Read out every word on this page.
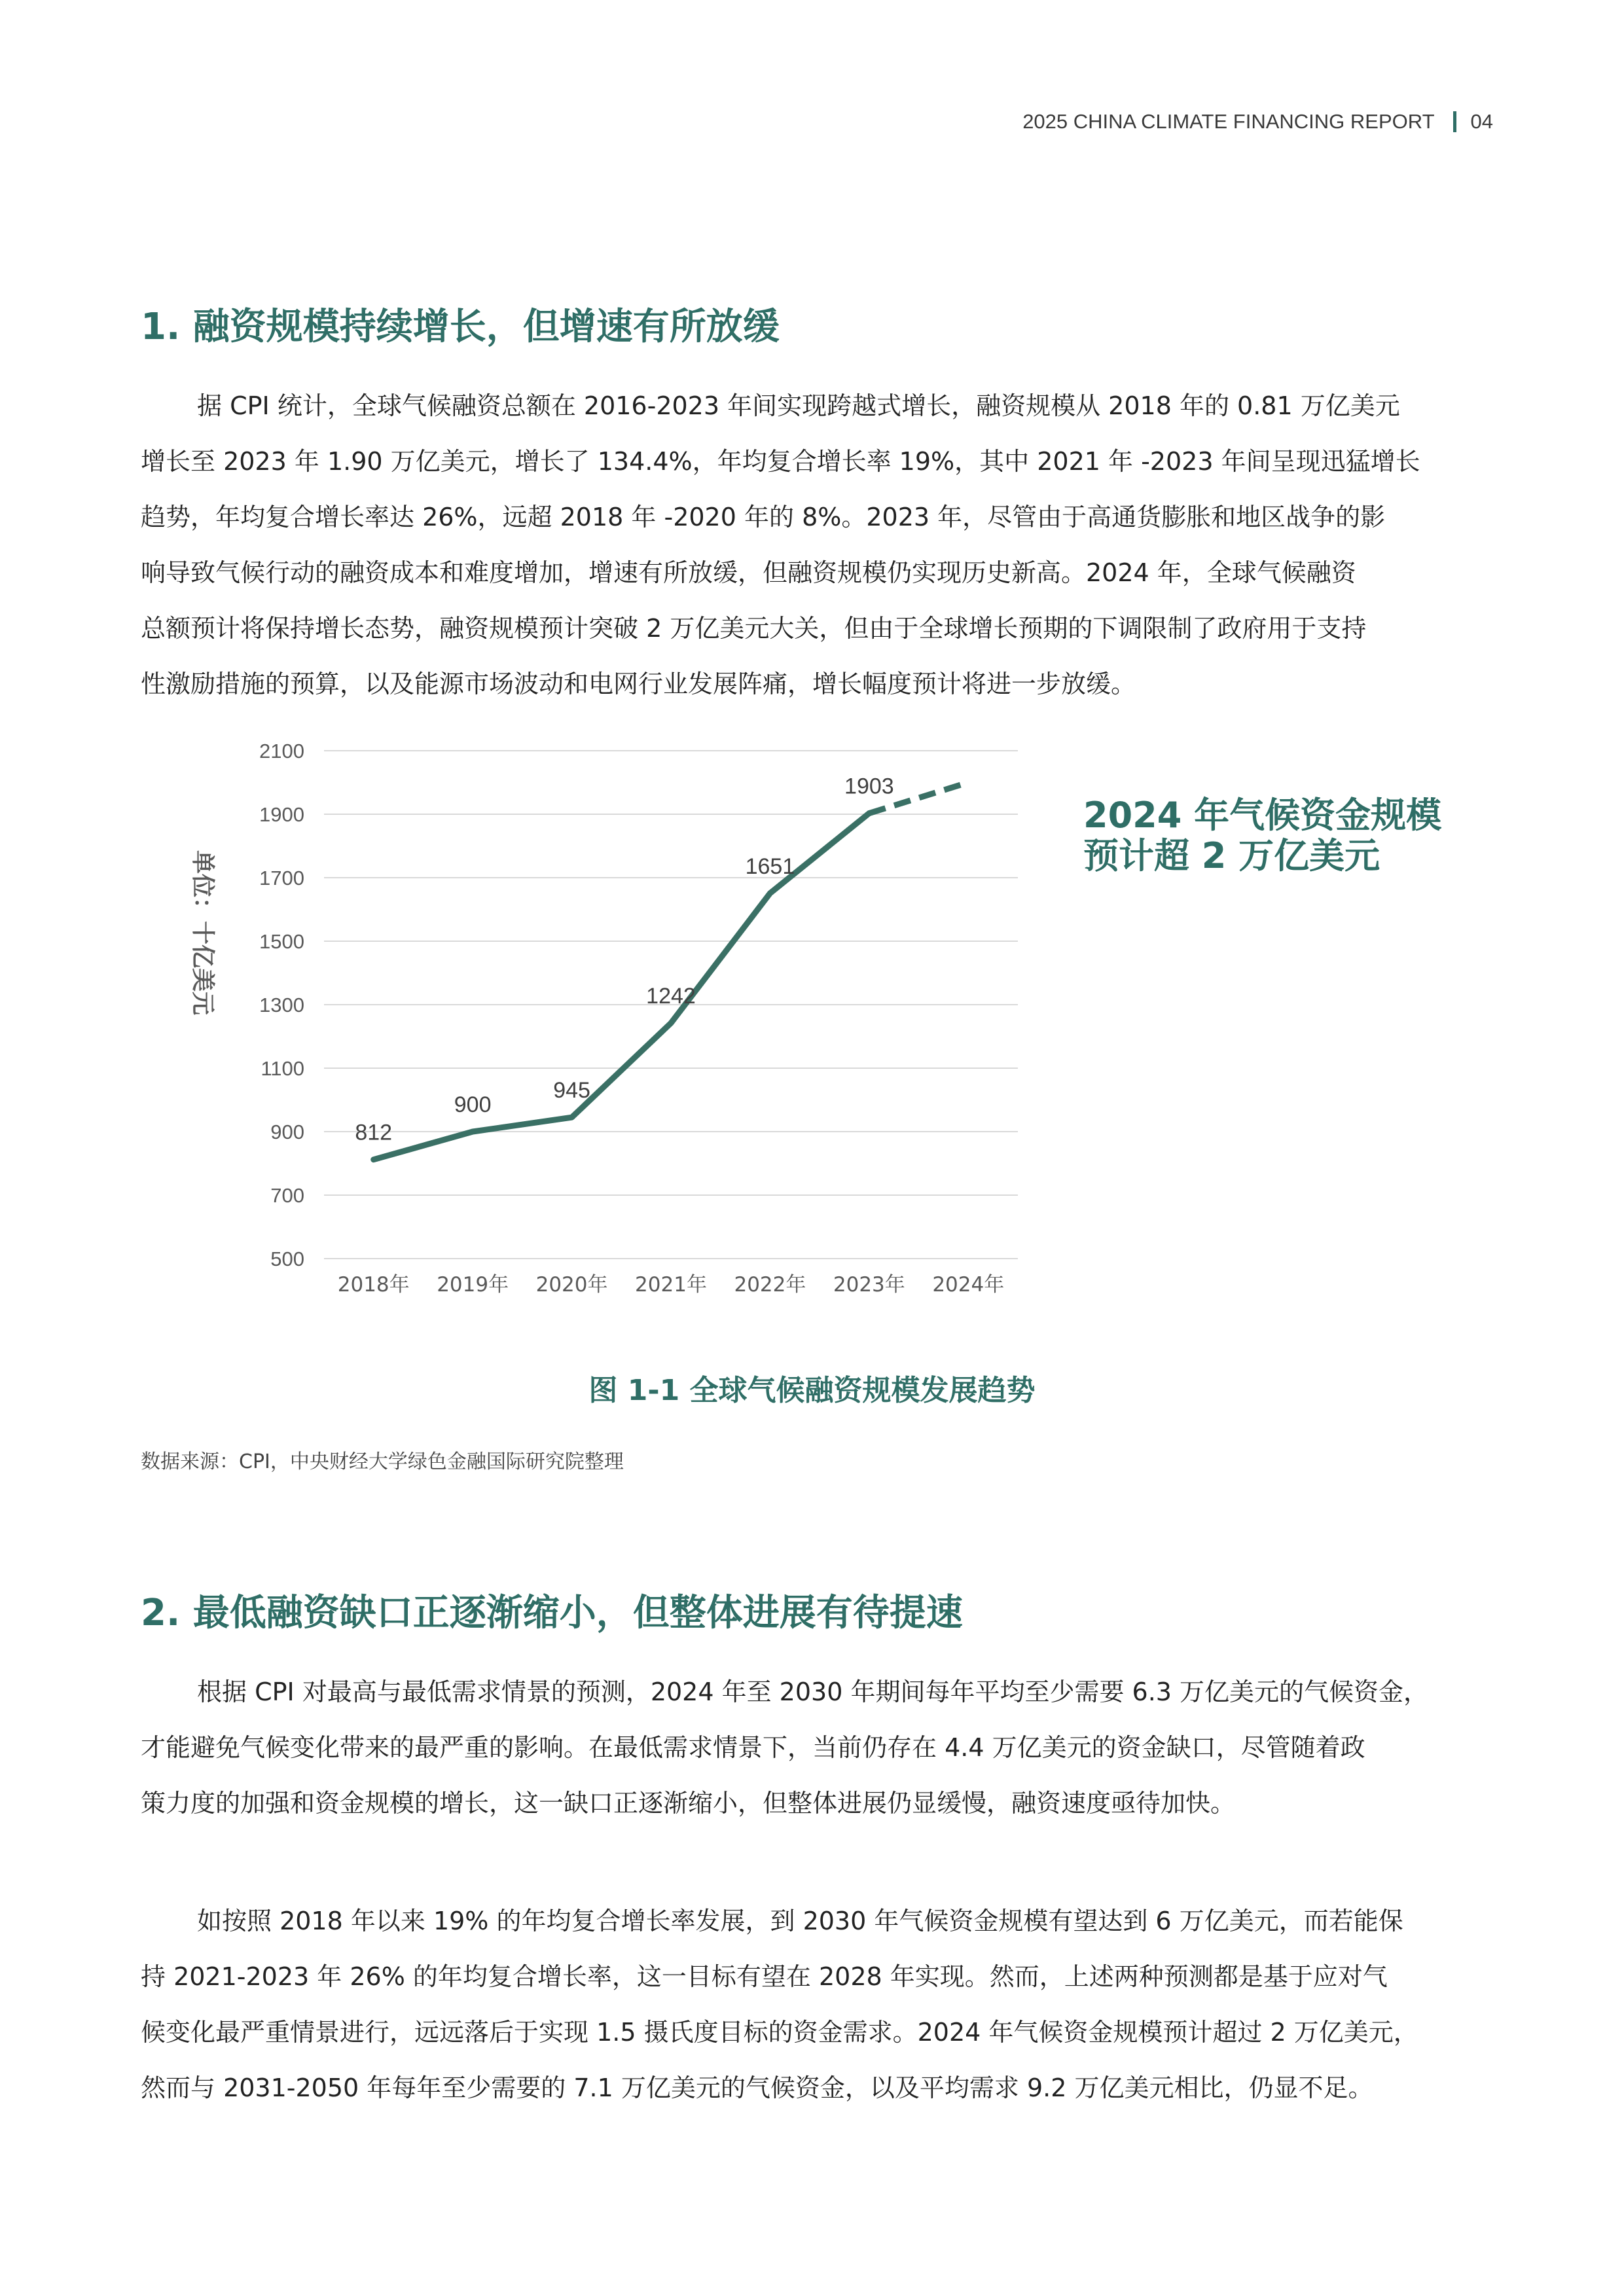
2025 CHINA CLIMATE FINANCING REPORT 04
1. 融资规模持续增长，但增速有所放缓
据 CPI 统计，全球气候融资总额在 2016-2023 年间实现跨越式增长，融资规模从 2018 年的 0.81 万亿美元
增长至 2023 年 1.90 万亿美元，增长了 134.4%，年均复合增长率 19%，其中 2021 年 -2023 年间呈现迅猛增长
趋势，年均复合增长率达 26%，远超 2018 年 -2020 年的 8%。2023 年，尽管由于高通货膨胀和地区战争的影
响导致气候行动的融资成本和难度增加，增速有所放缓，但融资规模仍实现历史新高。2024 年，全球气候融资
总额预计将保持增长态势，融资规模预计突破 2 万亿美元大关，但由于全球增长预期的下调限制了政府用于支持
性激励措施的预算，以及能源市场波动和电网行业发展阵痛，增长幅度预计将进一步放缓。
500
700
900
1100
1300
1500
1700
1900
2100
2018年 2019年 2020年 2021年 2022年 2023年 2024年
单位：十亿美元
812
900
945
1242
1651
1903
2024 年气候资金规模
预计超 2 万亿美元
图 1-1 全球气候融资规模发展趋势
数据来源：CPI，中央财经大学绿色金融国际研究院整理
2. 最低融资缺口正逐渐缩小，但整体进展有待提速
根据 CPI 对最高与最低需求情景的预测，2024 年至 2030 年期间每年平均至少需要 6.3 万亿美元的气候资金，
才能避免气候变化带来的最严重的影响。在最低需求情景下，当前仍存在 4.4 万亿美元的资金缺口，尽管随着政
策力度的加强和资金规模的增长，这一缺口正逐渐缩小，但整体进展仍显缓慢，融资速度亟待加快。
如按照 2018 年以来 19% 的年均复合增长率发展，到 2030 年气候资金规模有望达到 6 万亿美元，而若能保
持 2021-2023 年 26% 的年均复合增长率，这一目标有望在 2028 年实现。然而，上述两种预测都是基于应对气
候变化最严重情景进行，远远落后于实现 1.5 摄氏度目标的资金需求。2024 年气候资金规模预计超过 2 万亿美元，
然而与 2031-2050 年每年至少需要的 7.1 万亿美元的气候资金，以及平均需求 9.2 万亿美元相比，仍显不足。
